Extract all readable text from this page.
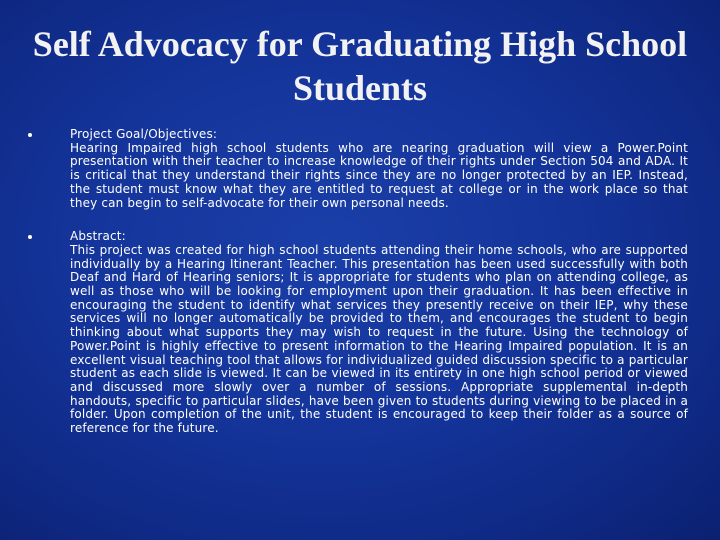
Self Advocacy for Graduating High School Students
Project Goal/Objectives:
Hearing Impaired high school students who are nearing graduation will view a Power.Point presentation with their teacher to increase knowledge of their rights under Section 504 and ADA. It is critical that they understand their rights since they are no longer protected by an IEP. Instead, the student must know what they are entitled to request at college or in the work place so that they can begin to self-advocate for their own personal needs.
Abstract:
This project was created for high school students attending their home schools, who are supported individually by a Hearing Itinerant Teacher. This presentation has been used successfully with both Deaf and Hard of Hearing seniors; It is appropriate for students who plan on attending college, as well as those who will be looking for employment upon their graduation. It has been effective in encouraging the student to identify what services they presently receive on their IEP, why these services will no longer automatically be provided to them, and encourages the student to begin thinking about what supports they may wish to request in the future. Using the technology of Power.Point is highly effective to present information to the Hearing Impaired population. It is an excellent visual teaching tool that allows for individualized guided discussion specific to a particular student as each slide is viewed. It can be viewed in its entirety in one high school period or viewed and discussed more slowly over a number of sessions. Appropriate supplemental in-depth handouts, specific to particular slides, have been given to students during viewing to be placed in a folder. Upon completion of the unit, the student is encouraged to keep their folder as a source of reference for the future.
